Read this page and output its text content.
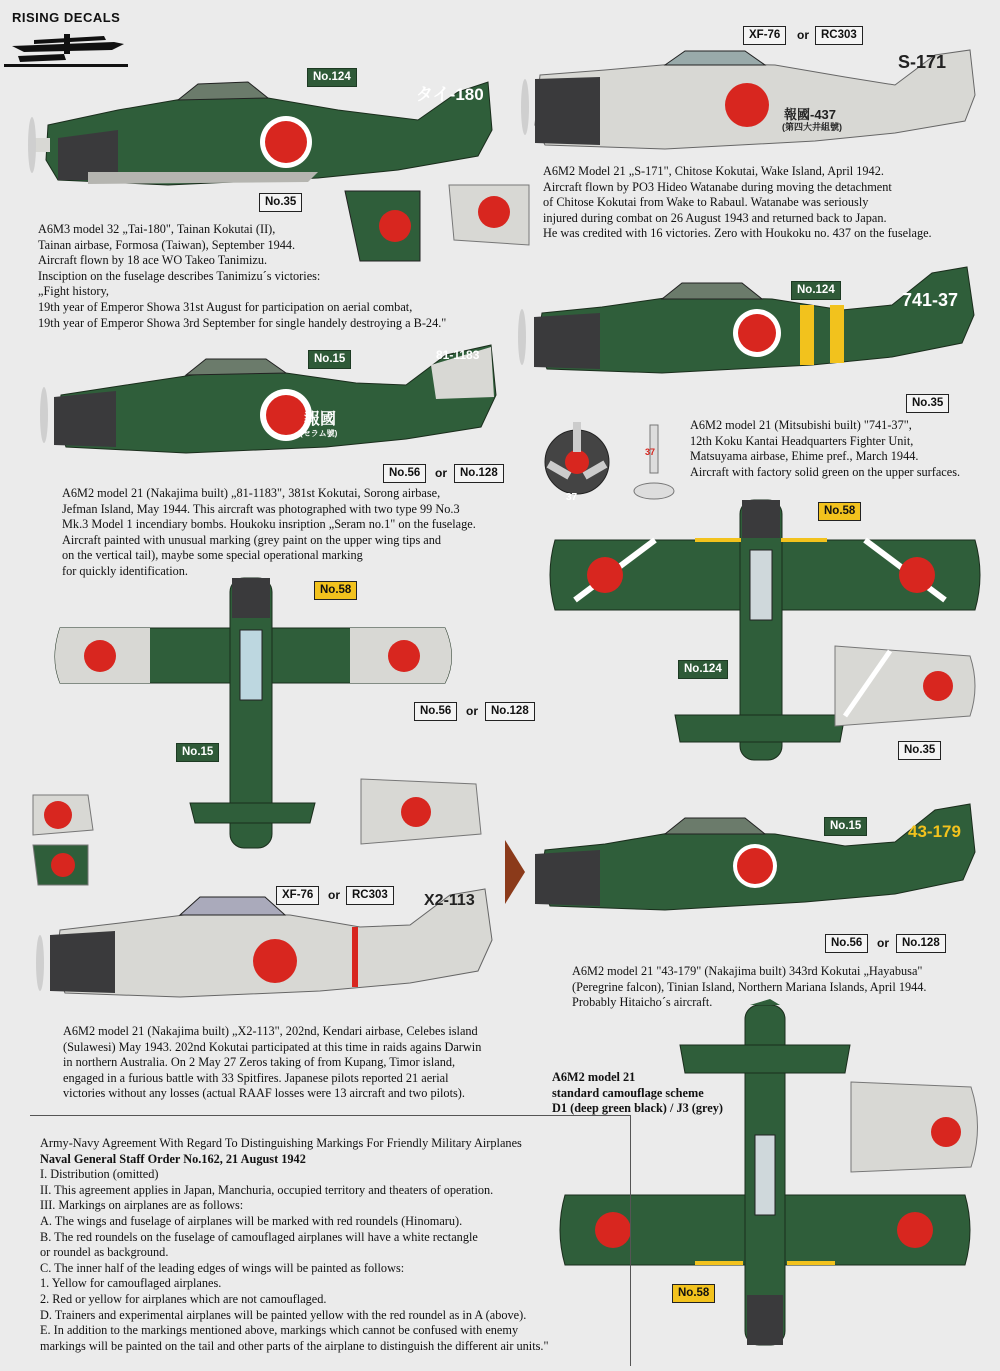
RISING DECALS
タイ-180
No.124
No.35
A6M3 model 32 „Tai-180", Tainan Kokutai (II),
Tainan airbase, Formosa (Taiwan), September 1944.
Aircraft flown by 18 ace WO Takeo Tanimizu.
Insciption on the fuselage describes Tanimizu´s victories:
„Fight history,
19th year of Emperor Showa 31st August for participation on aerial combat,
19th year of Emperor Showa 3rd September for single handely destroying a B-24."
S-171
報國-437
(第四大井組號)
XF-76	or	RC303
A6M2 Model 21 „S-171", Chitose Kokutai, Wake Island, April 1942.
Aircraft flown by PO3 Hideo Watanabe during moving the detachment
of Chitose Kokutai from Wake to Rabaul. Watanabe was seriously
injured during combat on 26 August 1943 and returned back to Japan.
He was credited with 16 victories. Zero with Houkoku no. 437 on the fuselage.
741-37
No.124
No.35
A6M2 model 21 (Mitsubishi built) "741-37",
12th Koku Kantai Headquarters Fighter Unit,
Matsuyama airbase, Ehime pref., March 1944.
Aircraft with factory solid green on the upper surfaces.
37
37
81-1183
報國
(セラム號)
No.15
No.56	or	No.128
A6M2 model 21 (Nakajima built) „81-1183", 381st Kokutai, Sorong airbase,
Jefman Island, May 1944. This aircraft was photographed with two type 99 No.3
Mk.3 Model 1 incendiary bombs. Houkoku insription „Seram no.1" on the fuselage.
Aircraft painted with unusual marking (grey paint on the upper wing tips and
on the vertical tail), maybe some special operational marking
for quickly identification.
No.58
No.56	or	No.128
No.15
No.58
No.124
No.35
43-179
No.15
No.56	or	No.128
A6M2 model 21 "43-179" (Nakajima built) 343rd Kokutai „Hayabusa"
(Peregrine falcon), Tinian Island, Northern Mariana Islands, April 1944.
Probably Hitaicho´s aircraft.
X2-113
XF-76	or	RC303
A6M2 model 21 (Nakajima built) „X2-113", 202nd, Kendari airbase, Celebes island
(Sulawesi) May 1943. 202nd Kokutai participated at this time in raids agains Darwin
in northern Australia. On 2 May 27 Zeros taking of from Kupang, Timor island,
engaged in a furious battle with 33 Spitfires. Japanese pilots reported 21 aerial
victories without any losses (actual RAAF losses were 13 aircraft and two pilots).
A6M2 model 21
standard camouflage scheme
D1 (deep green black) / J3 (grey)
No.58
Army-Navy Agreement With Regard To Distinguishing Markings For Friendly Military Airplanes
Naval General Staff Order No.162, 21 August 1942
I. Distribution (omitted)
II. This agreement applies in Japan, Manchuria, occupied territory and theaters of operation.
III. Markings on airplanes are as follows:
A. The wings and fuselage of airplanes will be marked with red roundels (Hinomaru).
B. The red roundels on the fuselage of camouflaged airplanes will have a white rectangle
or roundel as background.
C. The inner half of the leading edges of wings will be painted as follows:
1. Yellow for camouflaged airplanes.
2. Red or yellow for airplanes which are not camouflaged.
D. Trainers and experimental airplanes will be painted yellow with the red roundel as in A (above).
E. In addition to the markings mentioned above, markings which cannot be confused with enemy
markings will be painted on the tail and other parts of the airplane to distinguish the different air units."
